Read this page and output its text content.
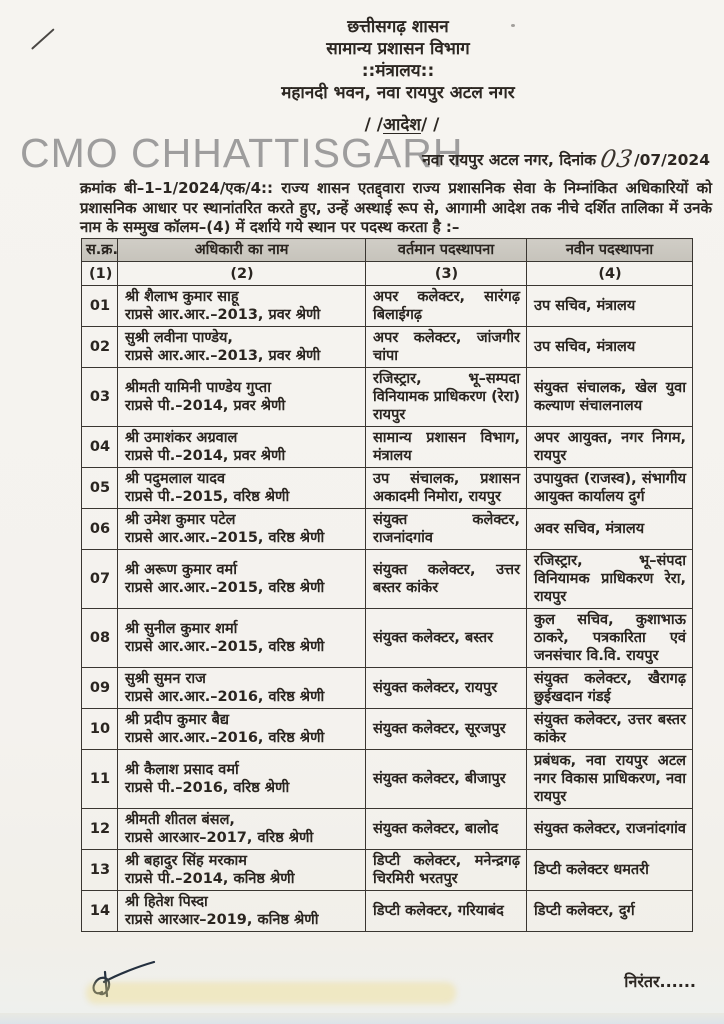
छत्तीसगढ़ शासन
सामान्य प्रशासन विभाग
::मंत्रालय::
महानदी भवन, नवा रायपुर अटल नगर
/ /आदेश/ /
CMO CHHATTISGARH
नवा रायपुर अटल नगर, दिनांक 03/07/2024
क्रमांक बी–1–1/2024/एक/4:: राज्य शासन एतद्द्वारा राज्य प्रशासनिक सेवा के निम्नांकित अधिकारियों को प्रशासनिक आधार पर स्थानांतरित करते हुए, उन्हें अस्थाई रूप से, आगामी आदेश तक नीचे दर्शित तालिका में उनके नाम के सम्मुख कॉलम–(4) में दर्शाये गये स्थान पर पदस्थ करता है :–
स.क्र.	अधिकारी का नाम	वर्तमान पदस्थापना	नवीन पदस्थापना
(1)	(2)	(3)	(4)
01	श्री शैलाभ कुमार साहू
राप्रसे आर.आर.–2013, प्रवर श्रेणी	अपर कलेक्टर, सारंगढ़ बिलाईगढ़	उप सचिव, मंत्रालय
02	सुश्री लवीना पाण्डेय,
राप्रसे आर.आर.–2013, प्रवर श्रेणी	अपर कलेक्टर, जांजगीर चांपा	उप सचिव, मंत्रालय
03	श्रीमती यामिनी पाण्डेय गुप्ता
राप्रसे पी.–2014, प्रवर श्रेणी	रजिस्ट्रार, भू–सम्पदा विनियामक प्राधिकरण (रेरा) रायपुर	संयुक्त संचालक, खेल युवा कल्याण संचालनालय
04	श्री उमाशंकर अग्रवाल
राप्रसे पी.–2014, प्रवर श्रेणी	सामान्य प्रशासन विभाग, मंत्रालय	अपर आयुक्त, नगर निगम, रायपुर
05	श्री पदुमलाल यादव
राप्रसे पी.–2015, वरिष्ठ श्रेणी	उप संचालक, प्रशासन अकादमी निमोरा, रायपुर	उपायुक्त (राजस्व), संभागीय आयुक्त कार्यालय दुर्ग
06	श्री उमेश कुमार पटेल
राप्रसे आर.आर.–2015, वरिष्ठ श्रेणी	संयुक्त कलेक्टर, राजनांदगांव	अवर सचिव, मंत्रालय
07	श्री अरूण कुमार वर्मा
राप्रसे आर.आर.–2015, वरिष्ठ श्रेणी	संयुक्त कलेक्टर, उत्तर बस्तर कांकेर	रजिस्ट्रार, भू–संपदा विनियामक प्राधिकरण रेरा, रायपुर
08	श्री सुनील कुमार शर्मा
राप्रसे आर.आर.–2015, वरिष्ठ श्रेणी	संयुक्त कलेक्टर, बस्तर	कुल सचिव, कुशाभाऊ ठाकरे, पत्रकारिता एवं जनसंचार वि.वि. रायपुर
09	सुश्री सुमन राज
राप्रसे आर.आर.–2016, वरिष्ठ श्रेणी	संयुक्त कलेक्टर, रायपुर	संयुक्त कलेक्टर, खैरागढ़ छुईखदान गंडई
10	श्री प्रदीप कुमार बैद्य
राप्रसे आर.आर.–2016, वरिष्ठ श्रेणी	संयुक्त कलेक्टर, सूरजपुर	संयुक्त कलेक्टर, उत्तर बस्तर कांकेर
11	श्री कैलाश प्रसाद वर्मा
राप्रसे पी.–2016, वरिष्ठ श्रेणी	संयुक्त कलेक्टर, बीजापुर	प्रबंधक, नवा रायपुर अटल नगर विकास प्राधिकरण, नवा रायपुर
12	श्रीमती शीतल बंसल,
राप्रसे आरआर–2017, वरिष्ठ श्रेणी	संयुक्त कलेक्टर, बालोद	संयुक्त कलेक्टर, राजनांदगांव
13	श्री बहादुर सिंह मरकाम
राप्रसे पी.–2014, कनिष्ठ श्रेणी	डिप्टी कलेक्टर, मनेन्द्रगढ़ चिरमिरी भरतपुर	डिप्टी कलेक्टर धमतरी
14	श्री हितेश पिस्दा
राप्रसे आरआर–2019, कनिष्ठ श्रेणी	डिप्टी कलेक्टर, गरियाबंद	डिप्टी कलेक्टर, दुर्ग
निरंतर......
